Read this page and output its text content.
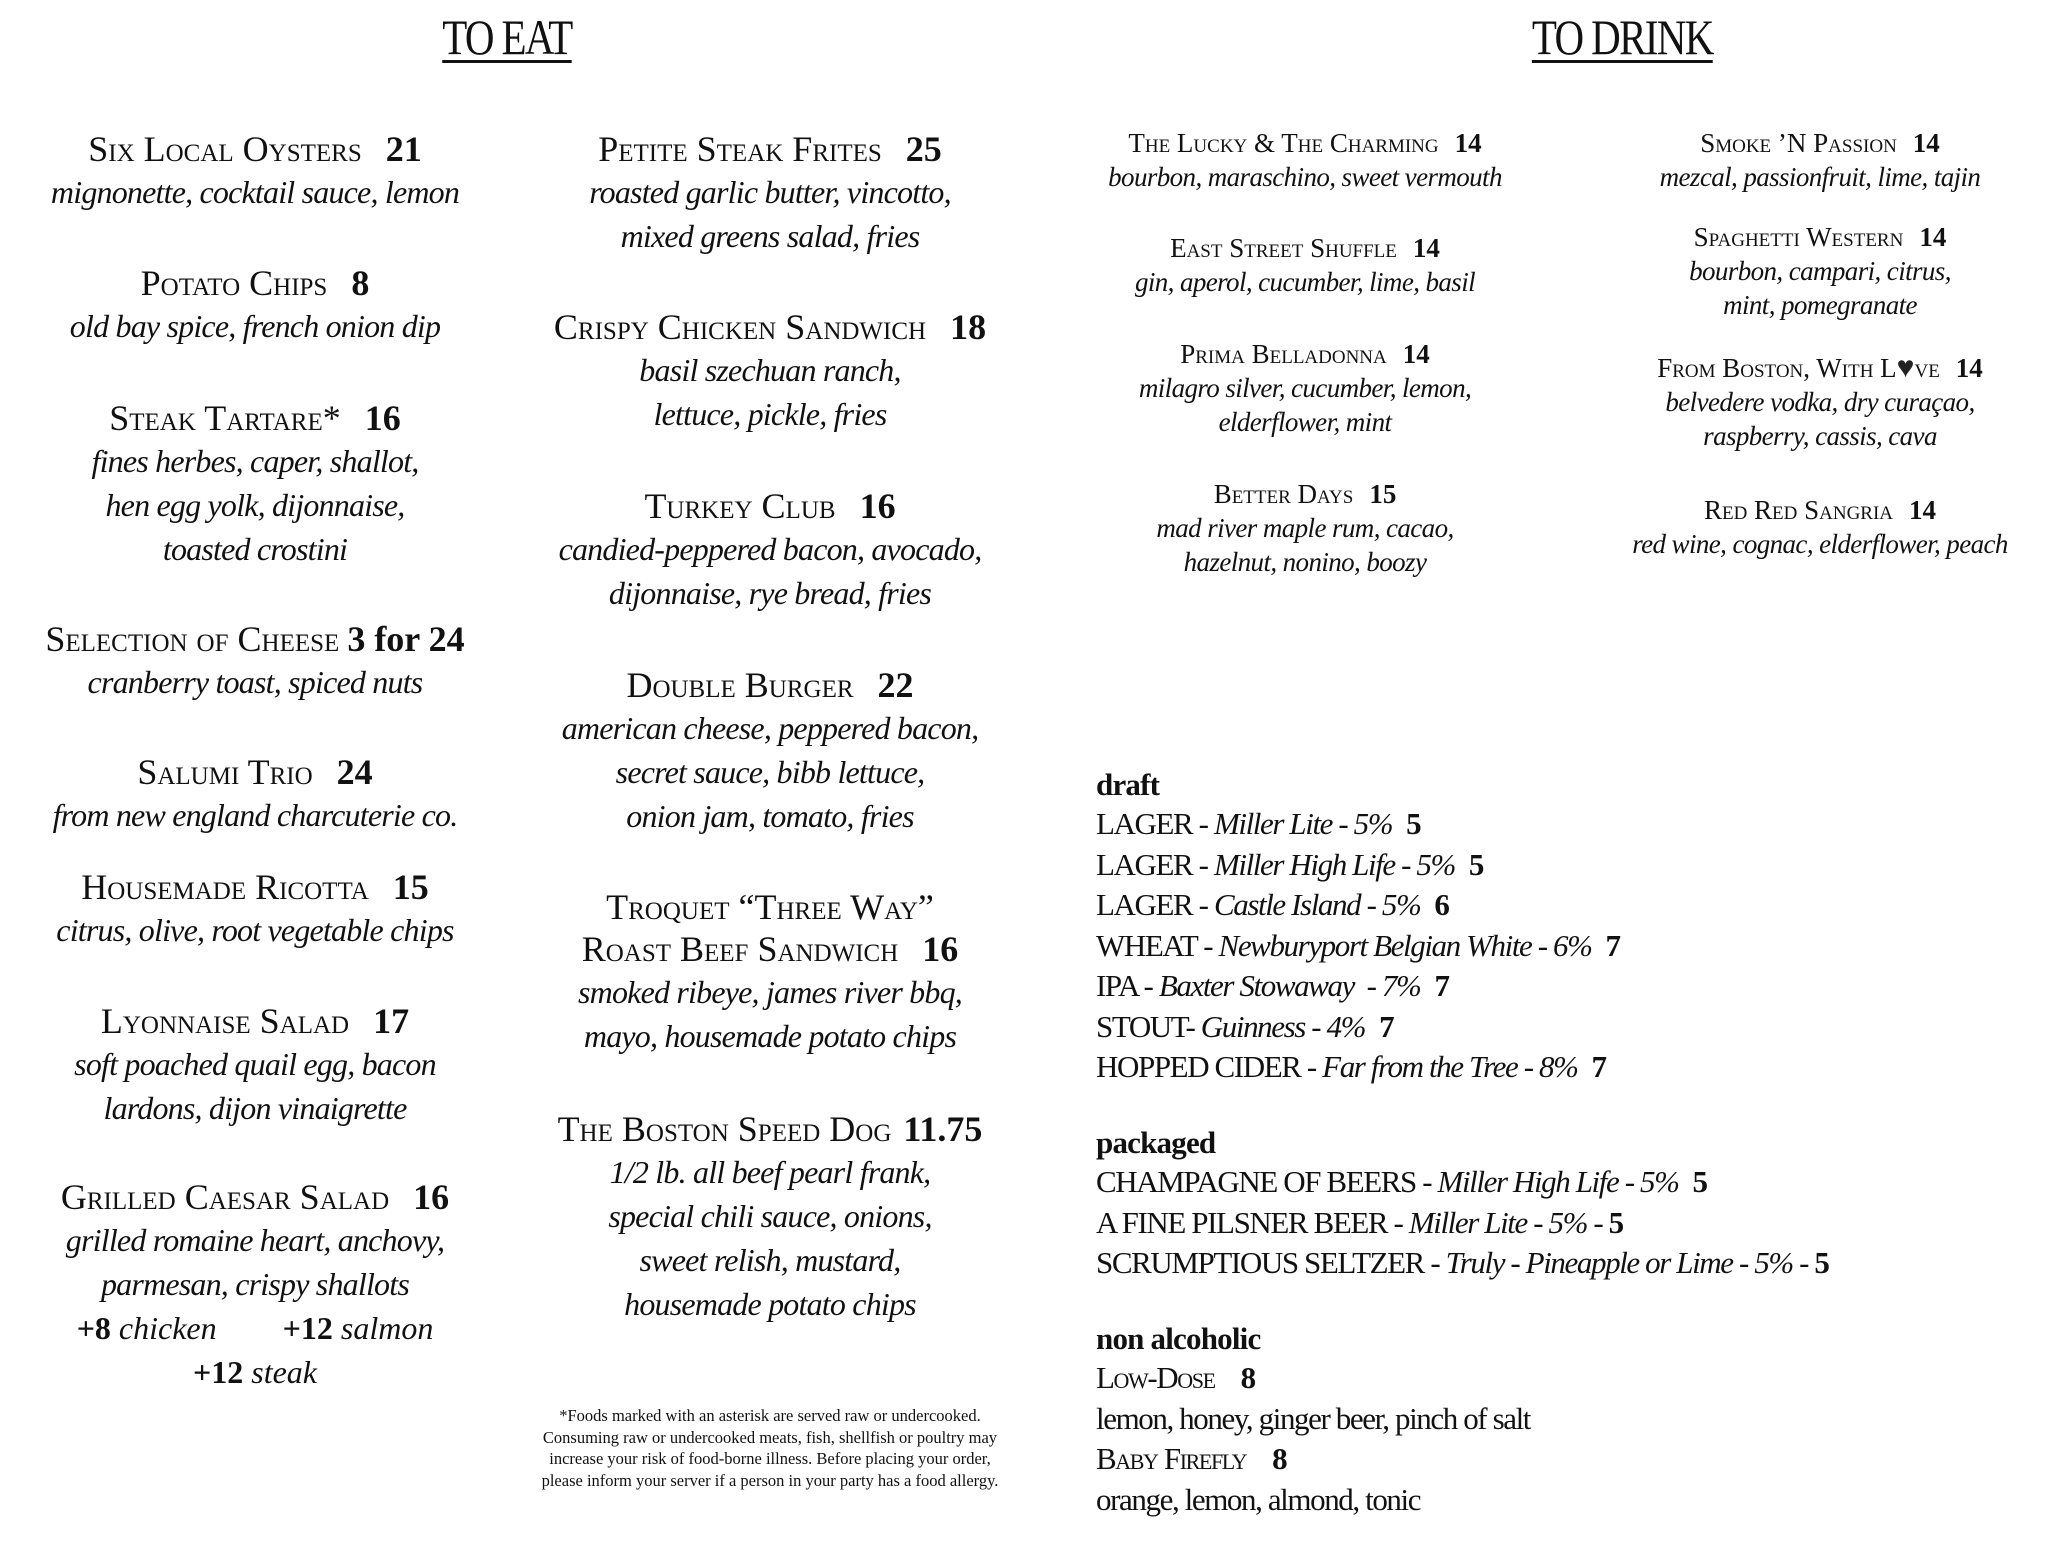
TO EAT	TO DRINK
Six Local Oysters 21
mignonette, cocktail sauce, lemon
Potato Chips 8
old bay spice, french onion dip
Steak Tartare* 16
fines herbes, caper, shallot,
hen egg yolk, dijonnaise,
toasted crostini
Selection of Cheese 3 for 24
cranberry toast, spiced nuts
Salumi Trio 24
from new england charcuterie co.
Housemade Ricotta 15
citrus, olive, root vegetable chips
Lyonnaise Salad 17
soft poached quail egg, bacon
lardons, dijon vinaigrette
Grilled Caesar Salad 16
grilled romaine heart, anchovy,
parmesan, crispy shallots
+8 chicken +12 salmon
+12 steak
Petite Steak Frites 25
roasted garlic butter, vincotto,
mixed greens salad, fries
Crispy Chicken Sandwich 18
basil szechuan ranch,
lettuce, pickle, fries
Turkey Club 16
candied-peppered bacon, avocado,
dijonnaise, rye bread, fries
Double Burger 22
american cheese, peppered bacon,
secret sauce, bibb lettuce,
onion jam, tomato, fries
Troquet “Three Way”
Roast Beef Sandwich 16
smoked ribeye, james river bbq,
mayo, housemade potato chips
The Boston Speed Dog 11.75
1/2 lb. all beef pearl frank,
special chili sauce, onions,
sweet relish, mustard,
housemade potato chips
*Foods marked with an asterisk are served raw or undercooked. Consuming raw or undercooked meats, fish, shellfish or poultry may increase your risk of food-borne illness. Before placing your order, please inform your server if a person in your party has a food allergy.
The Lucky & The Charming 14
bourbon, maraschino, sweet vermouth
East Street Shuffle 14
gin, aperol, cucumber, lime, basil
Prima Belladonna 14
milagro silver, cucumber, lemon,
elderflower, mint
Better Days 15
mad river maple rum, cacao,
hazelnut, nonino, boozy
Smoke ’N Passion 14
mezcal, passionfruit, lime, tajin
Spaghetti Western 14
bourbon, campari, citrus,
mint, pomegranate
From Boston, With L♥ve 14
belvedere vodka, dry curaçao,
raspberry, cassis, cava
Red Red Sangria 14
red wine, cognac, elderflower, peach
draft
LAGER - Miller Lite - 5% 5
LAGER - Miller High Life - 5% 5
LAGER - Castle Island - 5% 6
WHEAT - Newburyport Belgian White - 6% 7
IPA - Baxter Stowaway  - 7% 7
STOUT- Guinness - 4% 7
HOPPED CIDER - Far from the Tree - 8% 7
packaged
CHAMPAGNE OF BEERS - Miller High Life - 5% 5
A FINE PILSNER BEER - Miller Lite - 5% - 5
SCRUMPTIOUS SELTZER - Truly - Pineapple or Lime - 5% - 5
non alcoholic
Low-Dose 8
lemon, honey, ginger beer, pinch of salt
Baby Firefly 8
orange, lemon, almond, tonic
